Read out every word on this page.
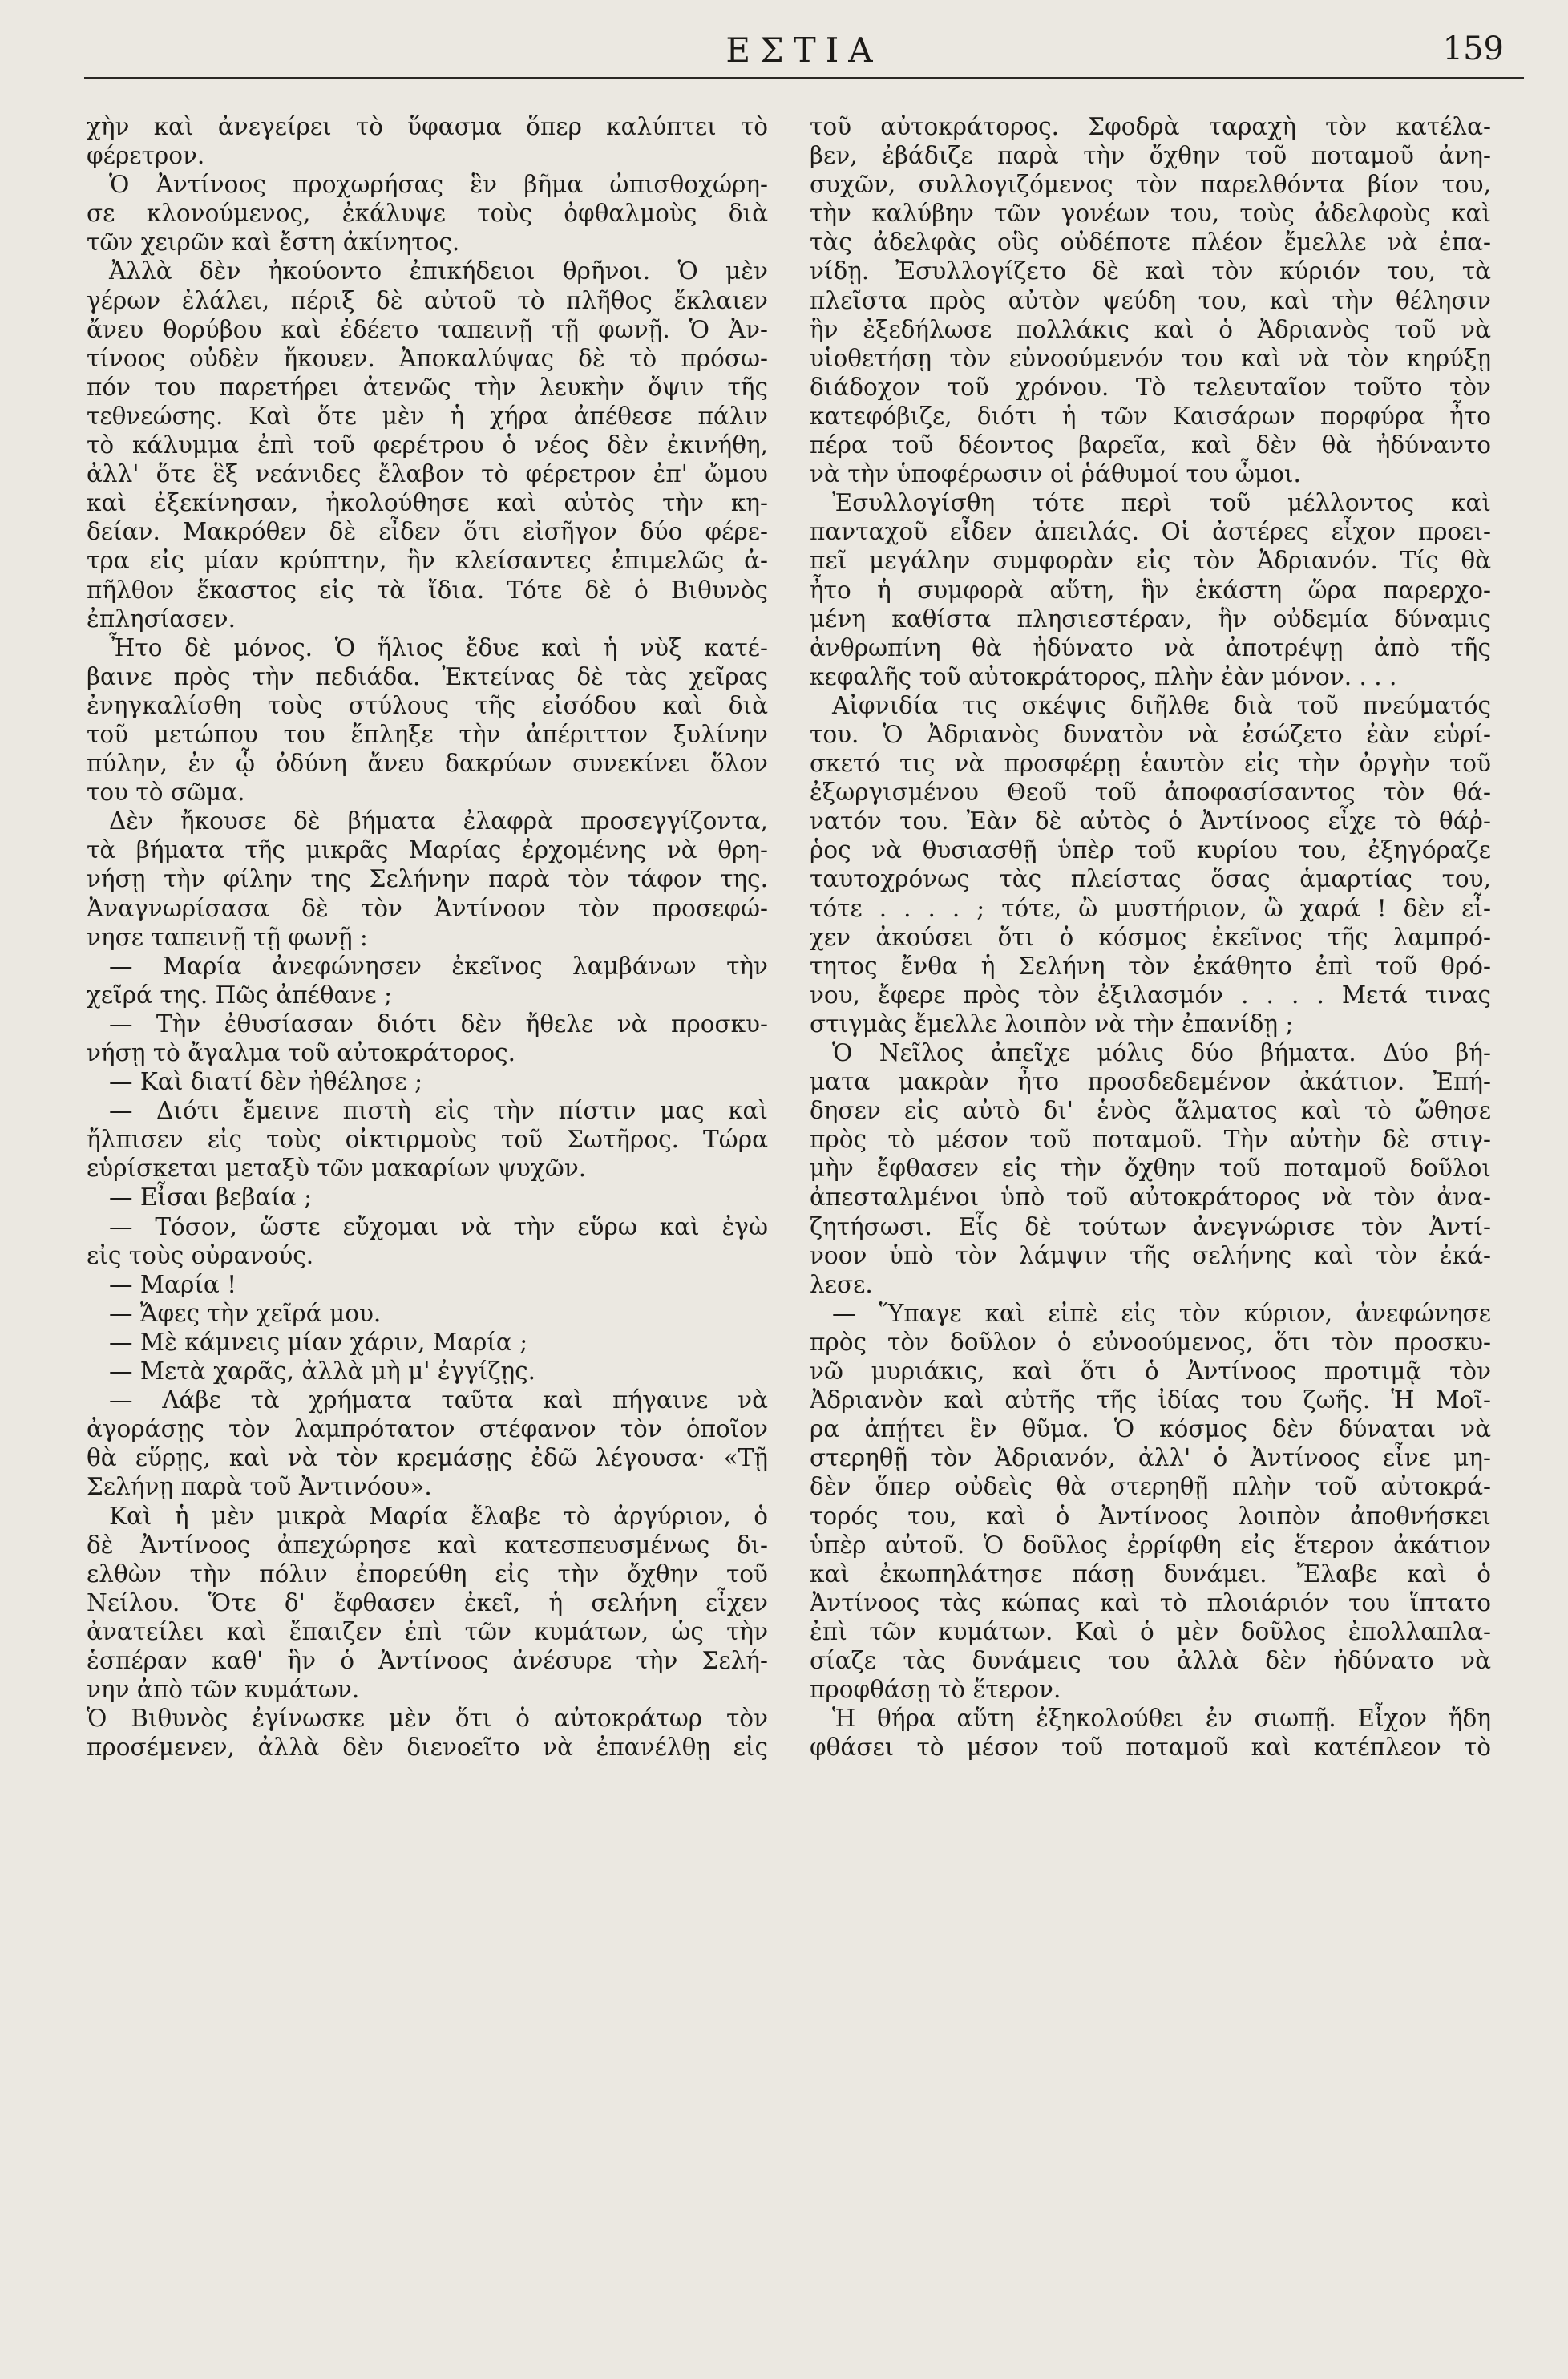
ΕΣΤΙΑ	159
χὴν καὶ ἀνεγείρει τὸ ὕφασμα ὅπερ καλύπτει τὸ
φέρετρον.
Ὁ Ἀντίνοος προχωρήσας ἓν βῆμα ὠπισθοχώρη-
σε κλονούμενος, ἐκάλυψε τοὺς ὀφθαλμοὺς διὰ
τῶν χειρῶν καὶ ἔστη ἀκίνητος.
Ἀλλὰ δὲν ἠκούοντο ἐπικήδειοι θρῆνοι. Ὁ μὲν
γέρων ἐλάλει, πέριξ δὲ αὐτοῦ τὸ πλῆθος ἔκλαιεν
ἄνευ θορύβου καὶ ἐδέετο ταπεινῇ τῇ φωνῇ. Ὁ Ἀν-
τίνοος οὐδὲν ἤκουεν. Ἀποκαλύψας δὲ τὸ πρόσω-
πόν του παρετήρει ἀτενῶς τὴν λευκὴν ὄψιν τῆς
τεθνεώσης. Καὶ ὅτε μὲν ἡ χήρα ἀπέθεσε πάλιν
τὸ κάλυμμα ἐπὶ τοῦ φερέτρου ὁ νέος δὲν ἐκινήθη,
ἀλλ' ὅτε ἓξ νεάνιδες ἔλαβον τὸ φέρετρον ἐπ' ὤμου
καὶ ἐξεκίνησαν, ἠκολούθησε καὶ αὐτὸς τὴν κη-
δείαν. Μακρόθεν δὲ εἶδεν ὅτι εἰσῆγον δύο φέρε-
τρα εἰς μίαν κρύπτην, ἣν κλείσαντες ἐπιμελῶς ἀ-
πῆλθον ἕκαστος εἰς τὰ ἴδια. Τότε δὲ ὁ Βιθυνὸς
ἐπλησίασεν.
Ἦτο δὲ μόνος. Ὁ ἥλιος ἔδυε καὶ ἡ νὺξ κατέ-
βαινε πρὸς τὴν πεδιάδα. Ἐκτείνας δὲ τὰς χεῖρας
ἐνηγκαλίσθη τοὺς στύλους τῆς εἰσόδου καὶ διὰ
τοῦ μετώπου του ἔπληξε τὴν ἀπέριττον ξυλίνην
πύλην, ἐν ᾧ ὀδύνη ἄνευ δακρύων συνεκίνει ὅλον
του τὸ σῶμα.
Δὲν ἤκουσε δὲ βήματα ἐλαφρὰ προσεγγίζοντα,
τὰ βήματα τῆς μικρᾶς Μαρίας ἐρχομένης νὰ θρη-
νήσῃ τὴν φίλην της Σελήνην παρὰ τὸν τάφον της.
Ἀναγνωρίσασα δὲ τὸν Ἀντίνοον τὸν προσεφώ-
νησε ταπεινῇ τῇ φωνῇ :
— Μαρία ἀνεφώνησεν ἐκεῖνος λαμβάνων τὴν
χεῖρά της. Πῶς ἀπέθανε ;
— Τὴν ἐθυσίασαν διότι δὲν ἤθελε νὰ προσκυ-
νήσῃ τὸ ἄγαλμα τοῦ αὐτοκράτορος.
— Καὶ διατί δὲν ἠθέλησε ;
— Διότι ἔμεινε πιστὴ εἰς τὴν πίστιν μας καὶ
ἤλπισεν εἰς τοὺς οἰκτιρμοὺς τοῦ Σωτῆρος. Τώρα
εὑρίσκεται μεταξὺ τῶν μακαρίων ψυχῶν.
— Εἶσαι βεβαία ;
— Τόσον, ὥστε εὔχομαι νὰ τὴν εὕρω καὶ ἐγὼ
εἰς τοὺς οὐρανούς.
— Μαρία !
— Ἄφες τὴν χεῖρά μου.
— Μὲ κάμνεις μίαν χάριν, Μαρία ;
— Μετὰ χαρᾶς, ἀλλὰ μὴ μ' ἐγγίζῃς.
— Λάβε τὰ χρήματα ταῦτα καὶ πήγαινε νὰ
ἀγοράσῃς τὸν λαμπρότατον στέφανον τὸν ὁποῖον
θὰ εὕρῃς, καὶ νὰ τὸν κρεμάσῃς ἐδῶ λέγουσα· «Τῇ
Σελήνῃ παρὰ τοῦ Ἀντινόου».
Καὶ ἡ μὲν μικρὰ Μαρία ἔλαβε τὸ ἀργύριον, ὁ
δὲ Ἀντίνοος ἀπεχώρησε καὶ κατεσπευσμένως δι-
ελθὼν τὴν πόλιν ἐπορεύθη εἰς τὴν ὄχθην τοῦ
Νείλου. Ὅτε δ' ἔφθασεν ἐκεῖ, ἡ σελήνη εἶχεν
ἀνατείλει καὶ ἔπαιζεν ἐπὶ τῶν κυμάτων, ὡς τὴν
ἑσπέραν καθ' ἣν ὁ Ἀντίνοος ἀνέσυρε τὴν Σελή-
νην ἀπὸ τῶν κυμάτων.
Ὁ Βιθυνὸς ἐγίνωσκε μὲν ὅτι ὁ αὐτοκράτωρ τὸν
προσέμενεν, ἀλλὰ δὲν διενοεῖτο νὰ ἐπανέλθῃ εἰς
τοῦ αὐτοκράτορος. Σφοδρὰ ταραχὴ τὸν κατέλα-
βεν, ἐβάδιζε παρὰ τὴν ὄχθην τοῦ ποταμοῦ ἀνη-
συχῶν, συλλογιζόμενος τὸν παρελθόντα βίον του,
τὴν καλύβην τῶν γονέων του, τοὺς ἀδελφοὺς καὶ
τὰς ἀδελφὰς οὓς οὐδέποτε πλέον ἔμελλε νὰ ἐπα-
νίδῃ. Ἐσυλλογίζετο δὲ καὶ τὸν κύριόν του, τὰ
πλεῖστα πρὸς αὐτὸν ψεύδη του, καὶ τὴν θέλησιν
ἣν ἐξεδήλωσε πολλάκις καὶ ὁ Ἀδριανὸς τοῦ νὰ
υἱοθετήσῃ τὸν εὐνοούμενόν του καὶ νὰ τὸν κηρύξῃ
διάδοχον τοῦ χρόνου. Τὸ τελευταῖον τοῦτο τὸν
κατεφόβιζε, διότι ἡ τῶν Καισάρων πορφύρα ἦτο
πέρα τοῦ δέοντος βαρεῖα, καὶ δὲν θὰ ἠδύναντο
νὰ τὴν ὑποφέρωσιν οἱ ῥάθυμοί του ὦμοι.
Ἐσυλλογίσθη τότε περὶ τοῦ μέλλοντος καὶ
πανταχοῦ εἶδεν ἀπειλάς. Οἱ ἀστέρες εἶχον προει-
πεῖ μεγάλην συμφορὰν εἰς τὸν Ἀδριανόν. Τίς θὰ
ἦτο ἡ συμφορὰ αὕτη, ἣν ἑκάστη ὥρα παρερχο-
μένη καθίστα πλησιεστέραν, ἣν οὐδεμία δύναμις
ἀνθρωπίνη θὰ ἠδύνατο νὰ ἀποτρέψῃ ἀπὸ τῆς
κεφαλῆς τοῦ αὐτοκράτορος, πλὴν ἐὰν μόνον. . . .
Αἰφνιδία τις σκέψις διῆλθε διὰ τοῦ πνεύματός
του. Ὁ Ἀδριανὸς δυνατὸν νὰ ἐσώζετο ἐὰν εὑρί-
σκετό τις νὰ προσφέρῃ ἑαυτὸν εἰς τὴν ὀργὴν τοῦ
ἐξωργισμένου Θεοῦ τοῦ ἀποφασίσαντος τὸν θά-
νατόν του. Ἐὰν δὲ αὐτὸς ὁ Ἀντίνοος εἶχε τὸ θάῤ-
ῥος νὰ θυσιασθῇ ὑπὲρ τοῦ κυρίου του, ἐξηγόραζε
ταυτοχρόνως τὰς πλείστας ὅσας ἁμαρτίας του,
τότε . . . . ; τότε, ὢ μυστήριον, ὢ χαρά ! δὲν εἶ-
χεν ἀκούσει ὅτι ὁ κόσμος ἐκεῖνος τῆς λαμπρό-
τητος ἔνθα ἡ Σελήνη τὸν ἐκάθητο ἐπὶ τοῦ θρό-
νου, ἔφερε πρὸς τὸν ἐξιλασμόν . . . . Μετά τινας
στιγμὰς ἔμελλε λοιπὸν νὰ τὴν ἐπανίδῃ ;
Ὁ Νεῖλος ἀπεῖχε μόλις δύο βήματα. Δύο βή-
ματα μακρὰν ἦτο προσδεδεμένον ἀκάτιον. Ἐπή-
δησεν εἰς αὐτὸ δι' ἑνὸς ἅλματος καὶ τὸ ὤθησε
πρὸς τὸ μέσον τοῦ ποταμοῦ. Τὴν αὐτὴν δὲ στιγ-
μὴν ἔφθασεν εἰς τὴν ὄχθην τοῦ ποταμοῦ δοῦλοι
ἀπεσταλμένοι ὑπὸ τοῦ αὐτοκράτορος νὰ τὸν ἀνα-
ζητήσωσι. Εἷς δὲ τούτων ἀνεγνώρισε τὸν Ἀντί-
νοον ὑπὸ τὸν λάμψιν τῆς σελήνης καὶ τὸν ἐκά-
λεσε.
— Ὕπαγε καὶ εἰπὲ εἰς τὸν κύριον, ἀνεφώνησε
πρὸς τὸν δοῦλον ὁ εὐνοούμενος, ὅτι τὸν προσκυ-
νῶ μυριάκις, καὶ ὅτι ὁ Ἀντίνοος προτιμᾷ τὸν
Ἀδριανὸν καὶ αὐτῆς τῆς ἰδίας του ζωῆς. Ἡ Μοῖ-
ρα ἀπῄτει ἓν θῦμα. Ὁ κόσμος δὲν δύναται νὰ
στερηθῇ τὸν Ἀδριανόν, ἀλλ' ὁ Ἀντίνοος εἶνε μη-
δὲν ὅπερ οὐδεὶς θὰ στερηθῇ πλὴν τοῦ αὐτοκρά-
τορός του, καὶ ὁ Ἀντίνοος λοιπὸν ἀποθνήσκει
ὑπὲρ αὐτοῦ. Ὁ δοῦλος ἐρρίφθη εἰς ἕτερον ἀκάτιον
καὶ ἐκωπηλάτησε πάσῃ δυνάμει. Ἔλαβε καὶ ὁ
Ἀντίνοος τὰς κώπας καὶ τὸ πλοιάριόν του ἵπτατο
ἐπὶ τῶν κυμάτων. Καὶ ὁ μὲν δοῦλος ἐπολλαπλα-
σίαζε τὰς δυνάμεις του ἀλλὰ δὲν ἠδύνατο νὰ
προφθάσῃ τὸ ἕτερον.
Ἡ θήρα αὕτη ἐξηκολούθει ἐν σιωπῇ. Εἶχον ἤδη
φθάσει τὸ μέσον τοῦ ποταμοῦ καὶ κατέπλεον τὸ
